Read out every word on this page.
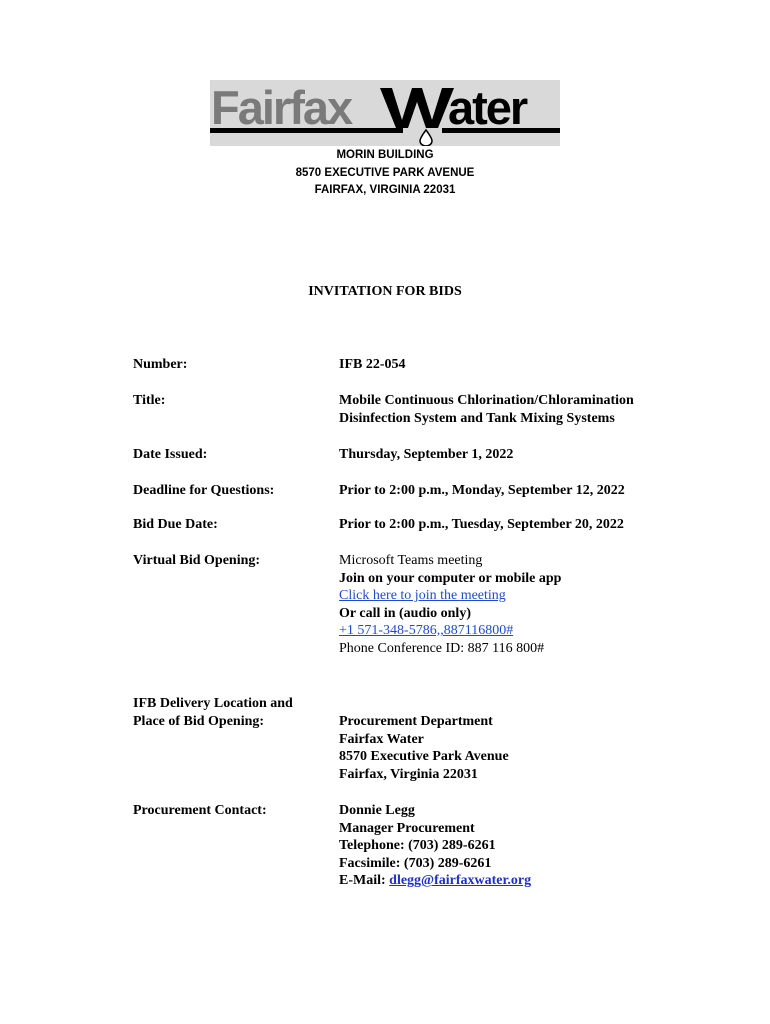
Fairfax ater
MORIN BUILDING
8570 EXECUTIVE PARK AVENUE
FAIRFAX, VIRGINIA 22031
INVITATION FOR BIDS
Number:	IFB 22-054
Title:	Mobile Continuous Chlorination/Chloramination
Disinfection System and Tank Mixing Systems
Date Issued:	Thursday, September 1, 2022
Deadline for Questions:	Prior to 2:00 p.m., Monday, September 12, 2022
Bid Due Date:	Prior to 2:00 p.m., Tuesday, September 20, 2022
Virtual Bid Opening:	Microsoft Teams meeting
Join on your computer or mobile app
Click here to join the meeting
Or call in (audio only)
+1 571-348-5786,,887116800#
Phone Conference ID: 887 116 800#
IFB Delivery Location and
Place of Bid Opening:	Procurement Department
Fairfax Water
8570 Executive Park Avenue
Fairfax, Virginia 22031
Procurement Contact:	Donnie Legg
Manager Procurement
Telephone: (703) 289-6261
Facsimile: (703) 289-6261
E-Mail: dlegg@fairfaxwater.org
